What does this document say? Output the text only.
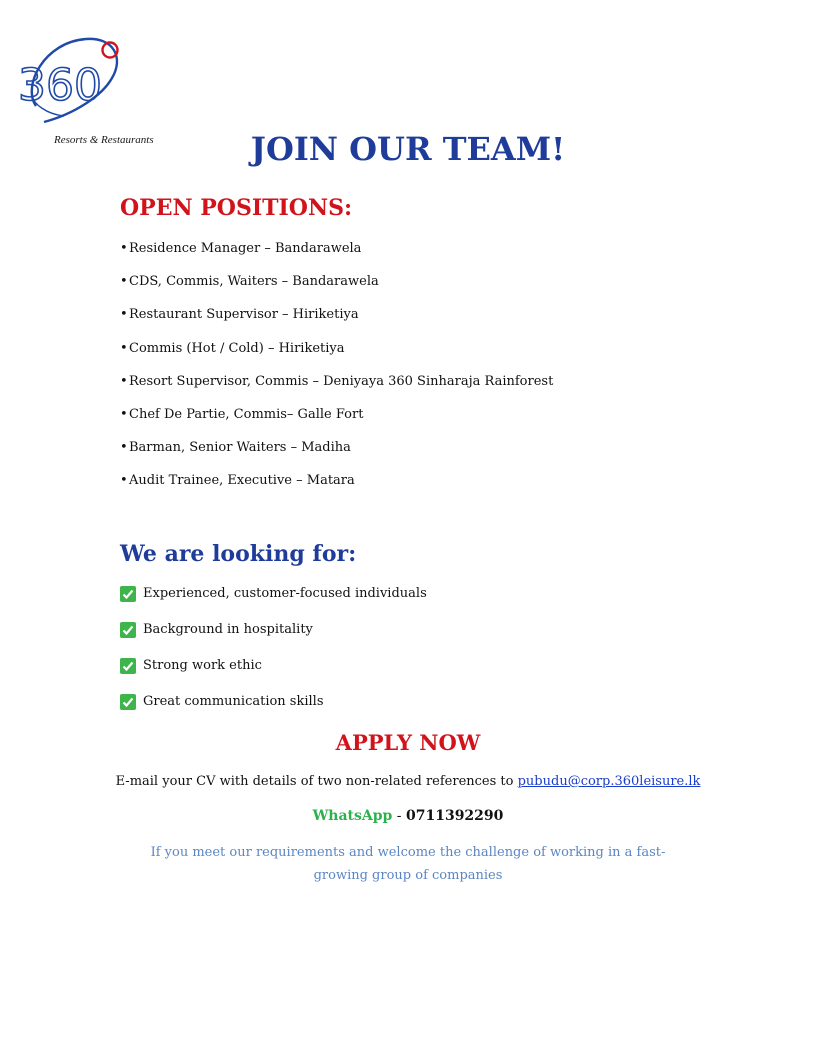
360
Resorts & Restaurants	JOIN OUR TEAM!
OPEN POSITIONS:
•Residence Manager – Bandarawela
•CDS, Commis, Waiters – Bandarawela
•Restaurant Supervisor – Hiriketiya
•Commis (Hot / Cold) – Hiriketiya
•Resort Supervisor, Commis – Deniyaya 360 Sinharaja Rainforest
•Chef De Partie, Commis– Galle Fort
•Barman, Senior Waiters – Madiha
•Audit Trainee, Executive – Matara
We are looking for:
Experienced, customer-focused individuals
Background in hospitality
Strong work ethic
Great communication skills
APPLY NOW
E-mail your CV with details of two non-related references to pubudu@corp.360leisure.lk
WhatsApp - 0711392290

If you meet our requirements and welcome the challenge of working in a fast-growing group of companies
